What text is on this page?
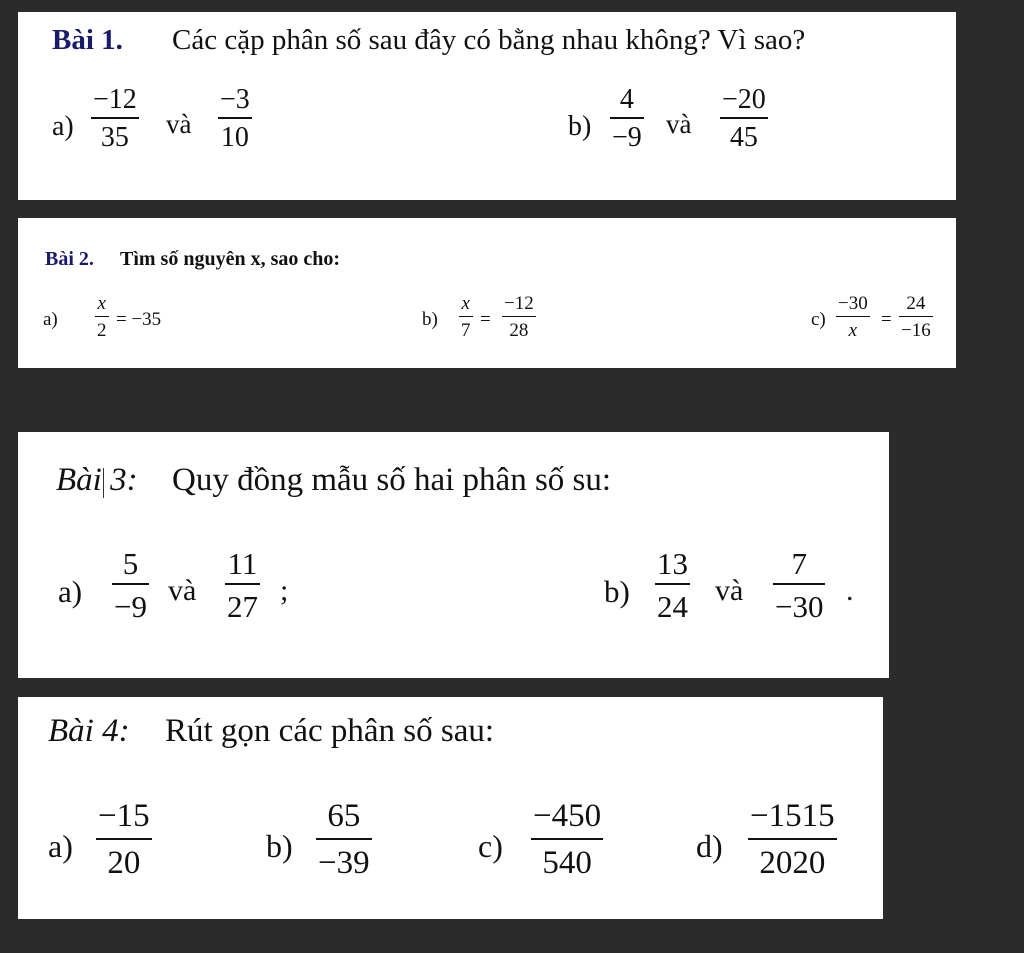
Bài 1. Các cặp phân số sau đây có bằng nhau không? Vì sao?
a)
−12
35 và
−3
10	b)
4
−9 và
−20
45
Bài 2. Tìm số nguyên x, sao cho:
a)
x
2
= −35	b)
x
7
=
−12
28
c)
−30
x
=
24
−16
Bài 3: Quy đồng mẫu số hai phân số su:
a)
5
−9 và
11
27 ;	b)
13
24 và
7
−30 .
Bài 4: Rút gọn các phân số sau:
a)
−15
20	b)
65
−39	c)
−450
540	d)
−1515
2020
